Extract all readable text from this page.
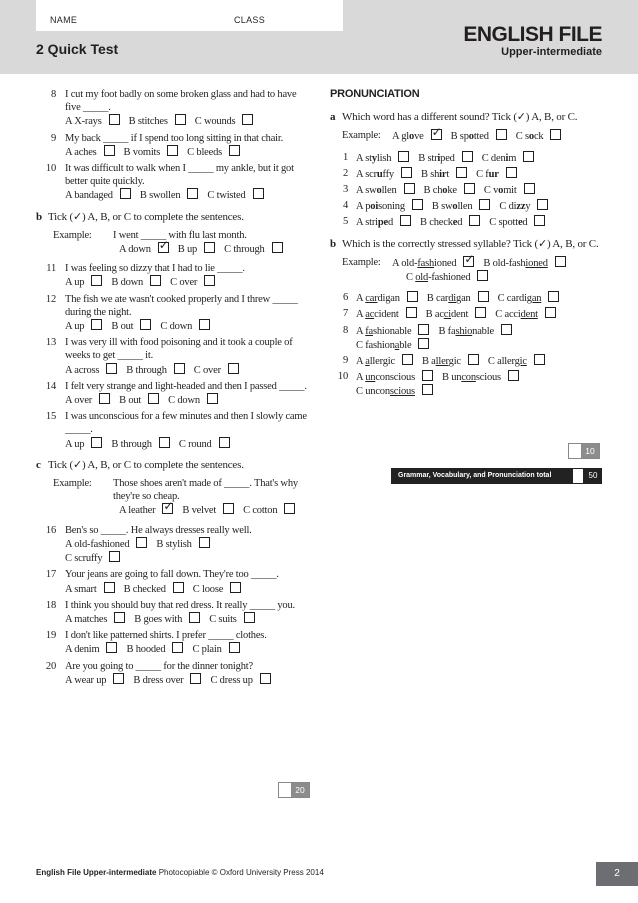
NAME	CLASS
2 Quick Test
ENGLISH FILE
Upper-intermediate
8 I cut my foot badly on some broken glass and had to have five _____.
A X-rays	B stitches	C wounds
9 My back _____ if I spend too long sitting in that chair.
A aches	B vomits	C bleeds
10 It was difficult to walk when I _____ my ankle, but it got better quite quickly.
A bandaged	B swollen	C twisted
b Tick (✓) A, B, or C to complete the sentences.
Example: I went _____ with flu last month.
A down ✓	B up	C through
11 I was feeling so dizzy that I had to lie _____.
A up	B down	C over
12 The fish we ate wasn't cooked properly and I threw _____ during the night.
A up	B out	C down
13 I was very ill with food poisoning and it took a couple of weeks to get _____ it.
A across	B through	C over
14 I felt very strange and light-headed and then I passed _____.
A over	B out	C down
15 I was unconscious for a few minutes and then I slowly came _____.
A up	B through	C round
c Tick (✓) A, B, or C to complete the sentences.
Example: Those shoes aren't made of _____. That's why they're so cheap.
A leather ✓	B velvet	C cotton
16 Ben's so _____. He always dresses really well.
A old-fashioned	B stylish
C scruffy
17 Your jeans are going to fall down. They're too _____.
A smart	B checked	C loose
18 I think you should buy that red dress. It really _____ you.
A matches	B goes with	C suits
19 I don't like patterned shirts. I prefer _____ clothes.
A denim	B hooded	C plain
20 Are you going to _____ for the dinner tonight?
A wear up	B dress over	C dress up
20
PRONUNCIATION
a Which word has a different sound? Tick (✓) A, B, or C.
Example: A glove ✓	B spotted	C sock
1 A stylish	B striped	C denim
2 A scruffy	B shirt	C fur
3 A swollen	B choke	C vomit
4 A poisoning	B swollen	C dizzy
5 A striped	B checked	C spotted
b Which is the correctly stressed syllable? Tick (✓) A, B, or C.
Example: A old-fashioned ✓	B old-fashioned
C old-fashioned
6 A cardigan	B cardigan	C cardigan
7 A accident	B accident	C accident
8 A fashionable	B fashionable
C fashionable
9 A allergic	B allergic	C allergic
10 A unconscious	B unconscious
C unconscious
10
Grammar, Vocabulary, and Pronunciation total	50
English File Upper-intermediate Photocopiable © Oxford University Press 2014	2
